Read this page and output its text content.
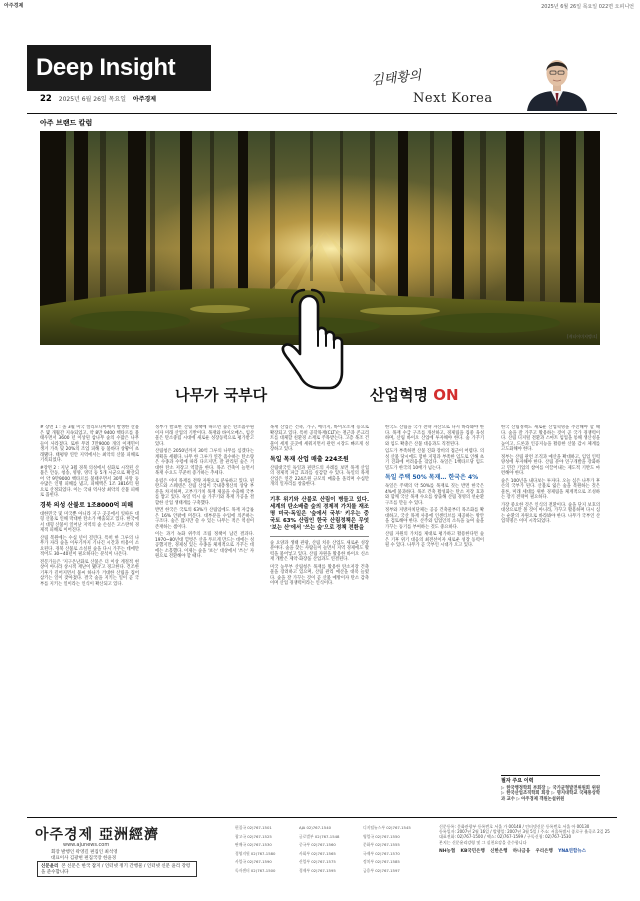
아주경제	2025년 6월 26일 목요일 022면 오피니언
Deep Insight
22 2025년 6월 26일 목요일 아주경제
김태황의
Next Korea
아주 브랜드 칼럼
[게티이미지뱅크]
나무가 국부다	산업혁명 ON

# 장면 1 : 올 3월 미국 캘리포니아에서 발생한 산불은 몇 개월간 지속되었고, 약 8만 9400 헥타르를 불태우면서 3600 년 이상된 삼나무 숲의 수많은 나무들이 사라졌다. 또한 무려 7만9000 개의 이재민이 생겨 가옥 및 20%의 조업 피해 등 불바다 상황이 초래됐다. 태평양 연안 지역에서는 최악의 산불 피해로 기록되었다.

#장면 2 : 지난 3월 경북 의성에서 실화로 시작된 산불은 안동, 청송, 영양, 영덕 등 5개 시군으로 확산되어 약 9만9000 헥타르를 불태우면서 30명 사망 등 수많은 인명 피해를 냈고, 피해액은 1조 3816억 원으로 산정되었다. 이는 국내 역사상 최악의 산불 피해로 꼽힌다.

경북 의성 산불로 1조8000억 피해

대한민국 및 미국뿐 아니라 지구 곳곳에서 잇따른 대형 산불로 인해 막대한 탄소가 배출되고 있다. 한국에서 대형 산불이 일어난 지역의 숲 손실은 고스란히 경제적 피해로 이어진다.

산림 복원에는 수십 년이 걸린다. 특히 한 그루의 나무가 자라 숲을 이루기까지 기나긴 시간과 비용이 소요된다. 경북 산불로 소실된 숲을 다시 가꾸는 데에만 적어도 30~40년이 필요하다는 분석이 나온다.

전문가들은 '지구온난화로 산불은 더 이상 계절적 현상이 아니라 상시적 재난이 됐다'고 경고한다. 건조한 기후가 길어지면서 불씨 하나가 거대한 산림을 집어삼키는 일이 잦아졌다. 결국 숲을 지키는 일이 곧 국부를 지키는 일이라는 인식이 확산되고 있다.

정부가 발표한 산림 정책에 따르면 숲은 탄소흡수원이자 미래 산업의 기반이다. 목재와 바이오매스, 임산물은 탄소중립 시대에 새로운 성장동력으로 평가받고 있다.

산림청은 2050년까지 30억 그루의 나무를 심겠다는 계획을 세웠다. 나무 한 그루가 연간 흡수하는 탄소량은 수종과 수령에 따라 다르지만, 잘 관리된 숲은 거대한 탄소 저장고 역할을 한다. 목조 건축이 늘면서 목재 수요도 꾸준히 증가하는 추세다.

유럽은 이미 목재를 전략 자원으로 분류하고 있다. 핀란드와 스웨덴은 산림 산업이 국내총생산의 상당 부분을 차지하며, 고부가가치 목재 제품을 수출해 국부를 쌓고 있다. 독일 역시 숲 가꾸기와 목재 가공을 결합한 산업 생태계를 구축했다.

반면 한국은 국토의 63%가 산림임에도 목재 자급률은 16% 안팎에 머문다. 대부분을 수입에 의존하는 구조다. 숲은 많지만 쓸 수 있는 나무는 적은 역설이 존재하는 셈이다.

이는 과거 녹화 위주의 조림 정책이 남긴 결과다. 1970~80년대 헐벗은 산을 푸르게 만드는 데에는 성공했지만, 경제성 있는 수종을 체계적으로 가꾸는 데에는 소홀했다. 이제는 숲을 '보는' 대상에서 '쓰는' 자원으로 전환해야 할 때다.

목재 산업은 건축, 가구, 에너지, 바이오소재 등으로 확장되고 있다. 특히 공학목재(CLT)는 철근과 콘크리트를 대체할 친환경 소재로 주목받는다. 고층 목조 건물이 세계 곳곳에 세워지면서 관련 시장도 빠르게 성장하고 있다.

독일 목재 산업 매출 224조원

산림대국인 독일과 핀란드의 사례를 보면 목재 산업의 경제적 파급 효과를 실감할 수 있다. 독일의 목재 산업은 연간 224조원 규모의 매출을 올리며 수십만 개의 일자리를 창출한다.

기후 위기와 산불로 산림이 병들고 있다. 세계의 탄소배출 숲의 경제적 가치를 재조명 미국·독일은 '숲에서 국부' 키우는 중 국토 63% 산림인 한국 산림정책은 무엇 '보는 산'에서 '쓰는 숲'으로 정책 전환을

숲 요양과 생태 관광, 산림 치유 산업도 새로운 성장 분야다. 숲을 찾는 사람들이 늘면서 지역 경제에도 활력을 불어넣고 있다. 산림 자원을 활용한 바이오 신소재 개발은 제약·화장품 산업과도 연결된다.

미국 농무부 산림청은 목재를 활용한 탄소저장 건축물을 장려하고 있으며, 산림 관리 예산을 대폭 늘렸다. 숲을 잘 가꾸는 것이 곧 산불 예방이자 탄소 감축이며 산업 경쟁력이라는 인식이다.

한국도 산림을 국가 전략 자산으로 다시 바라봐야 한다. 목재 수급 구조를 개선하고, 경제림을 집중 육성하며, 산림 바이오 산업에 투자해야 한다. 숲 가꾸기와 임도 확충은 산불 대응과도 직결된다.

임도가 부족하면 산불 진화 장비의 접근이 어렵다. 의성 산불 당시에도 험한 지형과 부족한 임도로 인해 초기 진화에 어려움을 겪었다. 독일은 1헥타르당 임도 밀도가 한국의 10배가 넘는다.

독일 주택 50% 목재… 한국은 4%

독일은 주택의 약 50%를 목재로 짓는 반면 한국은 4%에 불과하다. 목조 건축 활성화는 탄소 저장 효과와 함께 국산 목재 수요를 창출해 산림 경영의 선순환 구조를 만들 수 있다.

정부와 지방자치단체는 공공 건축물부터 목조화를 확대하고, 국산 목재 사용에 인센티브를 제공하는 방안을 검토해야 한다. 산주와 임업인의 소득을 높여 숲을 가꾸는 동기를 부여하는 것도 중요하다.

산림 자원의 가치를 제대로 평가하고 활용한다면 숲은 기후 위기 대응의 최전선이자 새로운 성장 동력이 될 수 있다. 나무가 곧 국부인 시대가 오고 있다.

한국 산림정책도 새로운 산업혁명을 추진해야 할 때다. 숲을 잘 가꾸고 활용하는 것이 곧 국가 경쟁력이다. 산림 디지털 전환과 스마트 임업을 통해 생산성을 높이고, 드론과 인공지능을 활용한 산불 감시 체계를 고도화해야 한다.

정부는 산림 관련 조직과 예산을 확대하고, 임업 인력 양성에 투자해야 한다. 산림 분야 연구개발을 강화하고 민간 기업의 참여를 이끌어내는 제도적 기반도 마련해야 한다.

숲은 100년을 내다보는 투자다. 오늘 심은 나무가 후손의 국부가 된다. 산불로 잃은 숲을 복원하는 것은 물론, 미래 세대를 위한 경제림을 체계적으로 조성하는 장기 전략이 필요하다.

가장 중요한 것은 인식의 전환이다. 숲을 단지 보호의 대상으로만 볼 것이 아니라, 가꾸고 활용하며 다시 심는 순환의 자원으로 바라봐야 한다. 나무가 국부인 산업혁명은 이미 시작되었다.

필자 주요 이력
▷ 한국행정학회 부회장 ▷ 국가균형발전위원회 위원 ▷ 한국산업조직학회 회장 ▷ 명지대학교 국제통상학과 교수 ▷ 아주경제 객원논설위원
아주경제 亞洲經濟
www.ajunews.com
회장 발행인 곽영길 편집인 최석영
대표이사 김광현 편집국장 한윤경
신문윤리 본 신문은 한국 잡지 / 인터넷 정기 간행물 / 인터넷 신문 윤리 강령을 준수합니다
편집국 02)767-1501	AJA 02)767-1540	디지털뉴스부 02)767-1545
광고국 02)767-1525	글로벌부 02)767-1548	영업국 02)767-1550
판매국 02)767-1530	중국부 02)767-1560	문화부 02)767-1555
경영지원 02)767-1580	사회부 02)767-1565	국제부 02)767-1570
사업국 02)767-1590	산업부 02)767-1575	정치부 02)767-1585
독자센터 02)767-1500	경제부 02)767-1595	금융부 02)767-1597
신문등록: 문화관광부 등록번호 서울 가 00148 / 인터넷신문 등록번호 서울 아 00130
등록일자: 2007년 2월 16일 / 발행일: 2007년 3월 5일 / 주소: 서울특별시 종로구 율곡로 2길 25
대표전화: 02)767-1500 / 팩스: 02)767-1599 / 구독신청: 02)767-1530
본지는 신문윤리강령 및 그 실천요강을 준수합니다
NH농협 KB국민은행 신한은행 하나금융 우리은행 YNA연합뉴스
